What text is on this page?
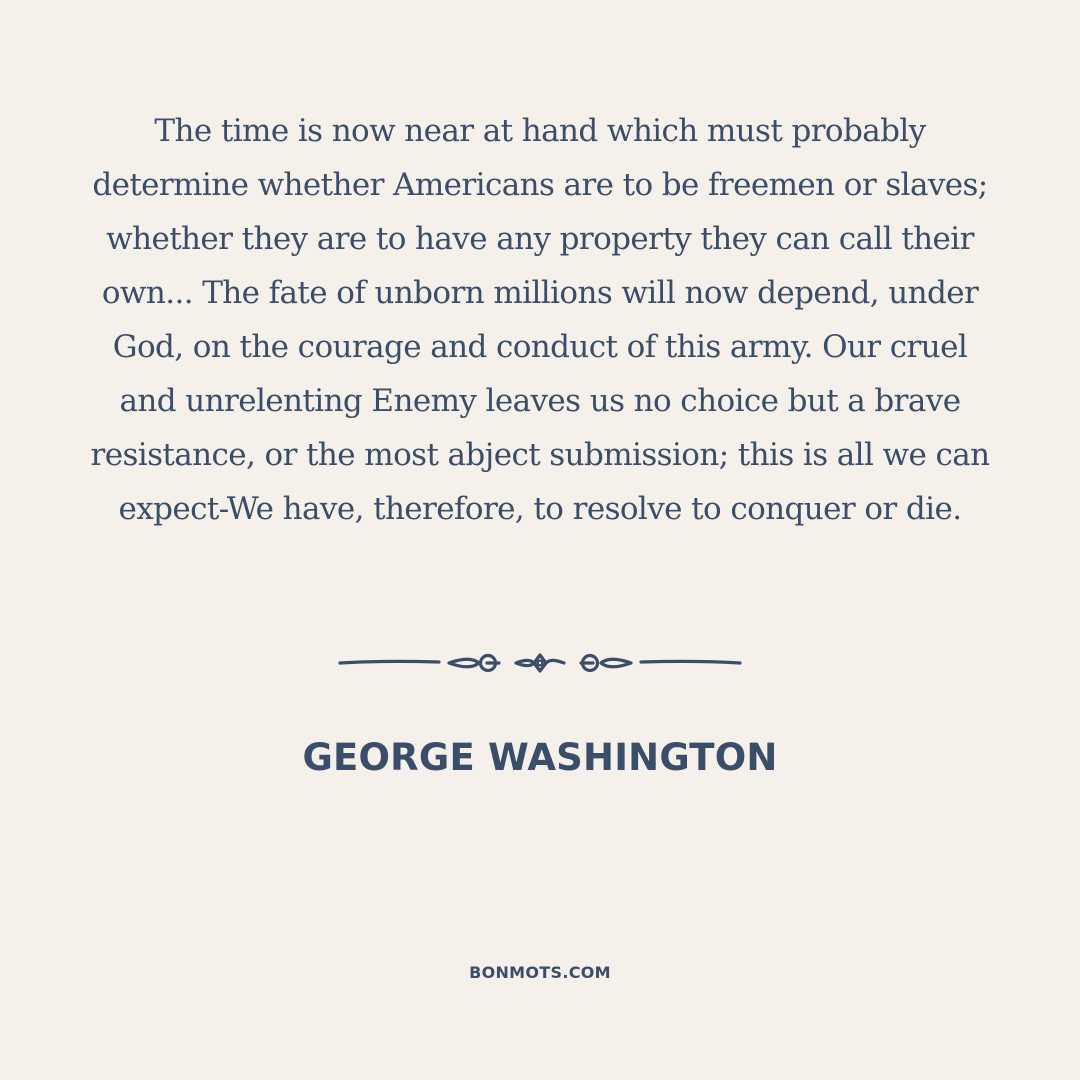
The time is now near at hand which must probably determine whether Americans are to be freemen or slaves; whether they are to have any property they can call their own... The fate of unborn millions will now depend, under God, on the courage and conduct of this army. Our cruel and unrelenting Enemy leaves us no choice but a brave resistance, or the most abject submission; this is all we can expect-We have, therefore, to resolve to conquer or die.

GEORGE WASHINGTON
BONMOTS.COM
